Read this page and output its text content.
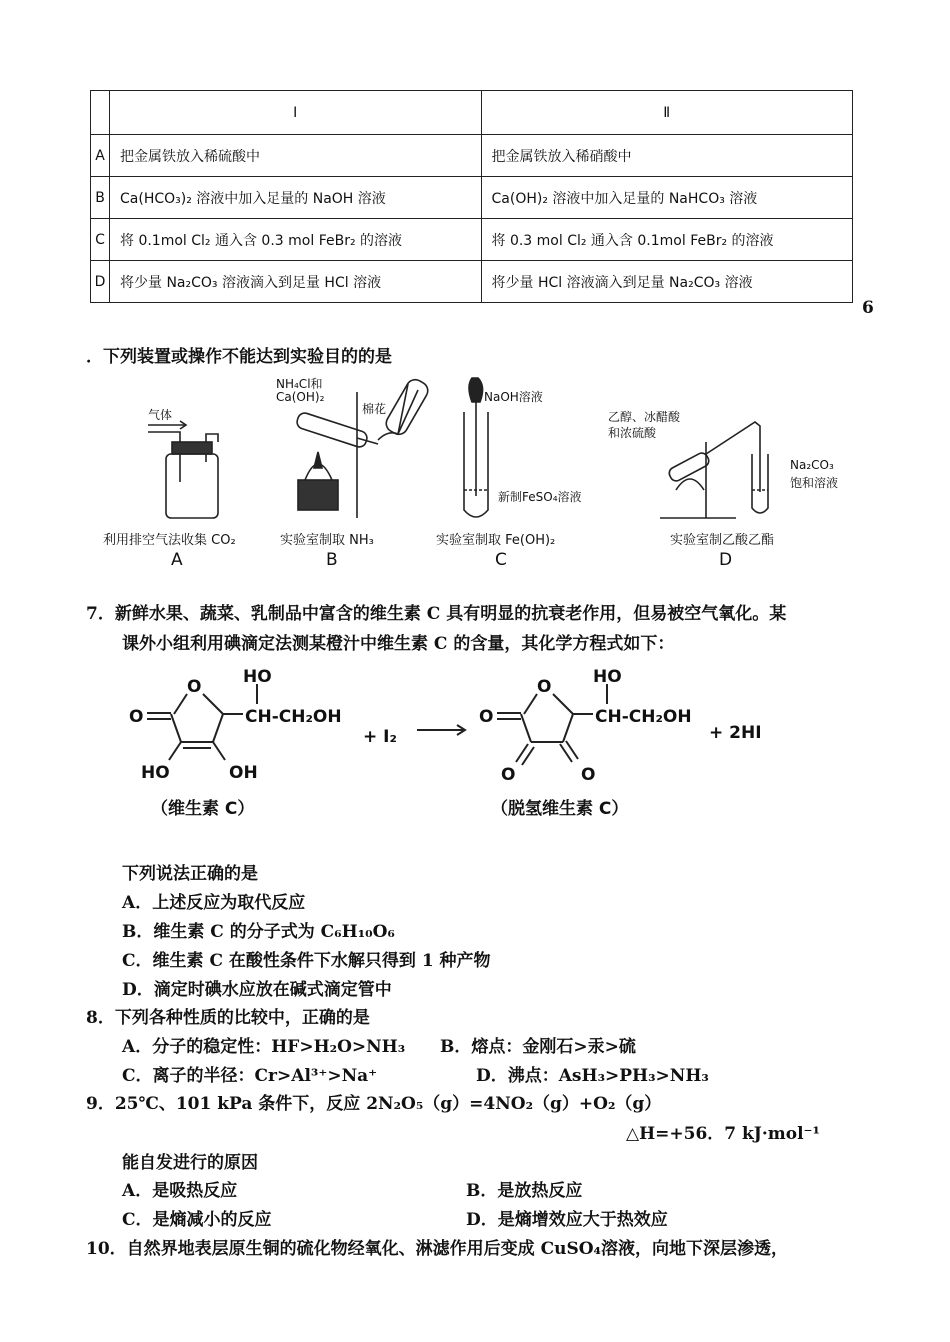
	Ⅰ	Ⅱ
A	把金属铁放入稀硫酸中	把金属铁放入稀硝酸中
B	Ca(HCO₃)₂ 溶液中加入足量的 NaOH 溶液	Ca(OH)₂ 溶液中加入足量的 NaHCO₃ 溶液
C	将 0.1mol Cl₂ 通入含 0.3 mol FeBr₂ 的溶液	将 0.3 mol Cl₂ 通入含 0.1mol FeBr₂ 的溶液
D	将少量 Na₂CO₃ 溶液滴入到足量 HCl 溶液	将少量 HCl 溶液滴入到足量 Na₂CO₃ 溶液
6
．下列装置或操作不能达到实验目的的是
气体
NH₄Cl和
Ca(OH)₂
棉花
NaOH溶液
新制FeSO₄溶液
乙醇、冰醋酸
和浓硫酸
Na₂CO₃
饱和溶液
利用排空气法收集 CO₂
A
实验室制取 NH₃
B
实验室制取 Fe(OH)₂
C
实验室制乙酸乙酯
D
7．新鲜水果、蔬菜、乳制品中富含的维生素 C 具有明显的抗衰老作用，但易被空气氧化。某
课外小组利用碘滴定法测某橙汁中维生素 C 的含量，其化学方程式如下：
O
O
HO
CH-CH₂OH
HO	OH
+ I₂
O
O
HO
CH-CH₂OH
O	O
+ 2HI
（维生素 C）	（脱氢维生素 C）
下列说法正确的是
A．上述反应为取代反应
B．维生素 C 的分子式为 C₆H₁₀O₆
C．维生素 C 在酸性条件下水解只得到 1 种产物
D．滴定时碘水应放在碱式滴定管中
8．下列各种性质的比较中，正确的是
A．分子的稳定性：HF>H₂O>NH₃ B．熔点：金刚石>汞>硫
C．离子的半径：Cr>Al³⁺>Na⁺	D．沸点：AsH₃>PH₃>NH₃
9．25℃、101 kPa 条件下，反应 2N₂O₅（g）=4NO₂（g）+O₂（g）
△H=+56．7 kJ·mol⁻¹
能自发进行的原因
A．是吸热反应	B．是放热反应
C．是熵减小的反应	D．是熵增效应大于热效应
10．自然界地表层原生铜的硫化物经氧化、淋滤作用后变成 CuSO₄溶液，向地下深层渗透，
